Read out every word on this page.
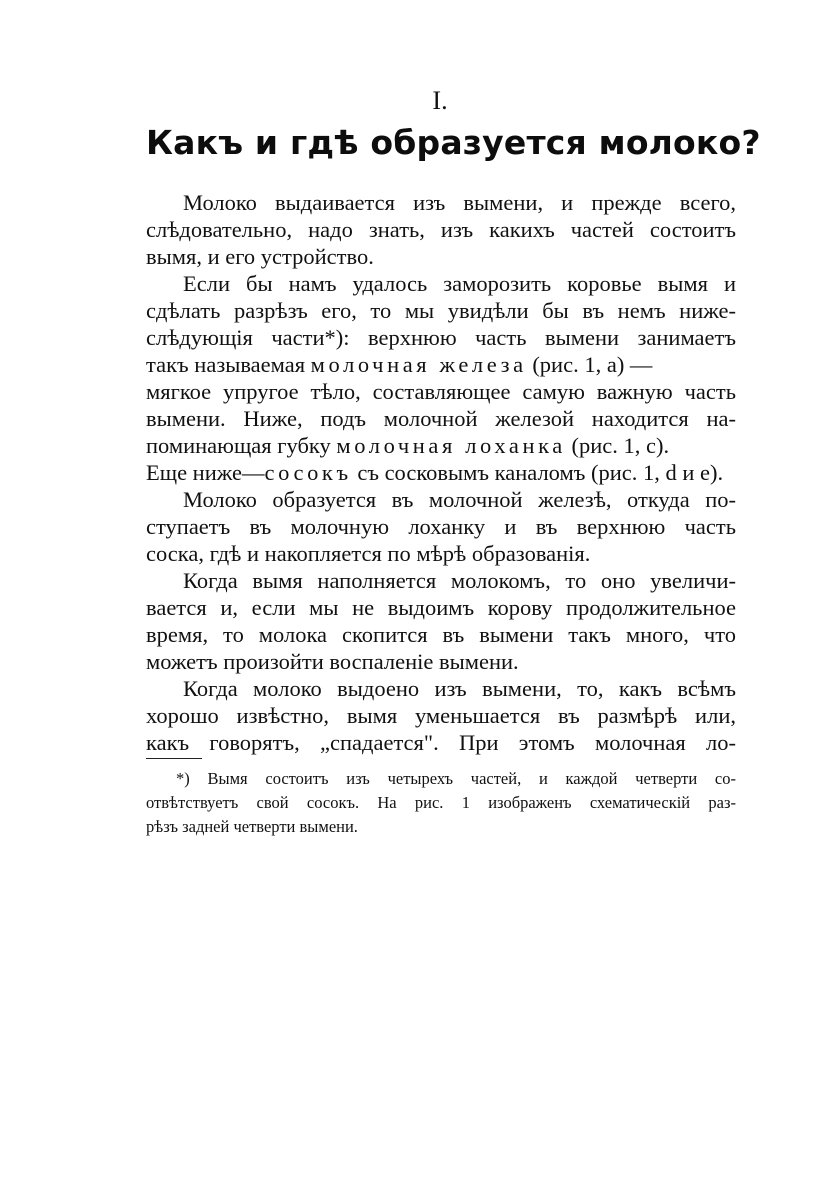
I.
Какъ и гдѣ образуется молоко?
Молоко выдаивается изъ вымени, и прежде всего,
слѣдовательно, надо знать, изъ какихъ частей состоитъ
вымя, и его устройство.
Если бы намъ удалось заморозить коровье вымя и
сдѣлать разрѣзъ его, то мы увидѣли бы въ немъ ниже-
слѣдующія части*): верхнюю часть вымени занимаетъ
такъ называемая молочная железа (рис. 1, а) —
мягкое упругое тѣло, составляющее самую важную часть
вымени. Ниже, подъ молочной железой находится на-
поминающая губку молочная лоханка (рис. 1, с).
Еще ниже—сосокъ съ сосковымъ каналомъ (рис. 1, d и e).
Молоко образуется въ молочной железѣ, откуда по-
ступаетъ въ молочную лоханку и въ верхнюю часть
соска, гдѣ и накопляется по мѣрѣ образованія.
Когда вымя наполняется молокомъ, то оно увеличи-
вается и, если мы не выдоимъ корову продолжительное
время, то молока скопится въ вымени такъ много, что
можетъ произойти воспаленіе вымени.
Когда молоко выдоено изъ вымени, то, какъ всѣмъ
хорошо извѣстно, вымя уменьшается въ размѣрѣ или,
какъ говорятъ, „спадается". При этомъ молочная ло-
*) Вымя состоитъ изъ четырехъ частей, и каждой четверти со-
отвѣтствуетъ свой сосокъ. На рис. 1 изображенъ схематическій раз-
рѣзъ задней четверти вымени.
